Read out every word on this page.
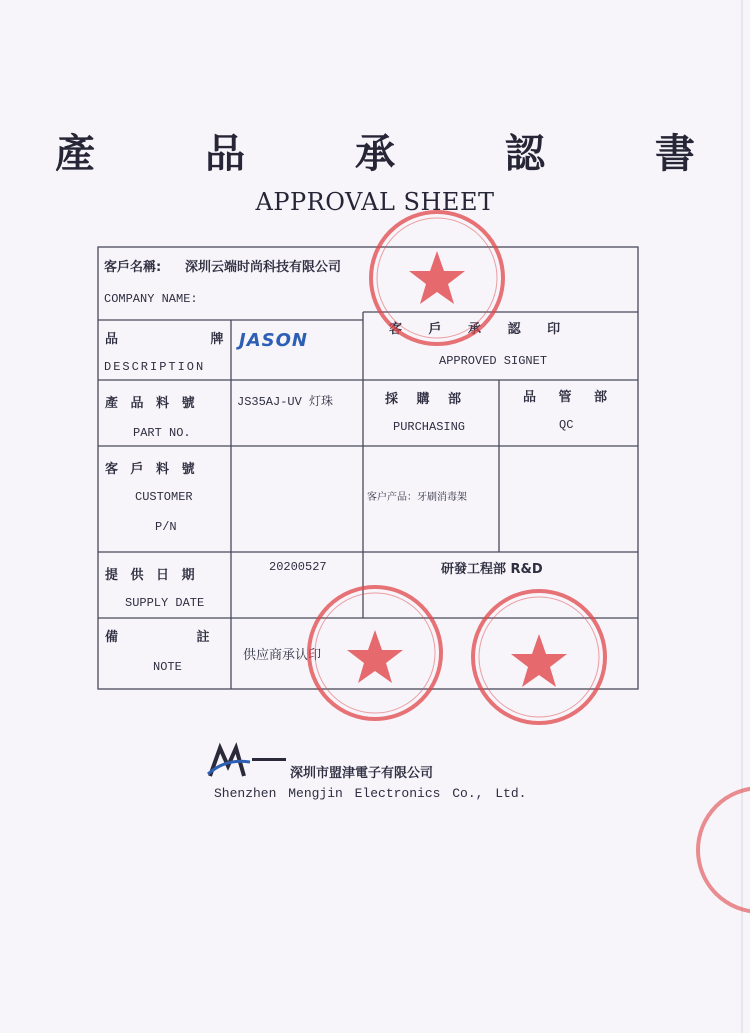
產 品 承 認 書
APPROVAL SHEET
客戶名稱: 深圳云端时尚科技有限公司
COMPANY NAME:
品 牌
DESCRIPTION
JASON
客 戶 承 認 印
APPROVED SIGNET
產 品 料 號
PART NO.
JS35AJ-UV 灯珠	採 購 部
PURCHASING
品 管 部
QC
客 戶 料 號
CUSTOMER
P/N
客户产品：牙刷消毒架
提 供 日 期
SUPPLY DATE
20200527	研發工程部 R&D
備 註
NOTE
供应商承认印
深圳市盟津電子有限公司
Shenzhen Mengjin Electronics Co., Ltd.
